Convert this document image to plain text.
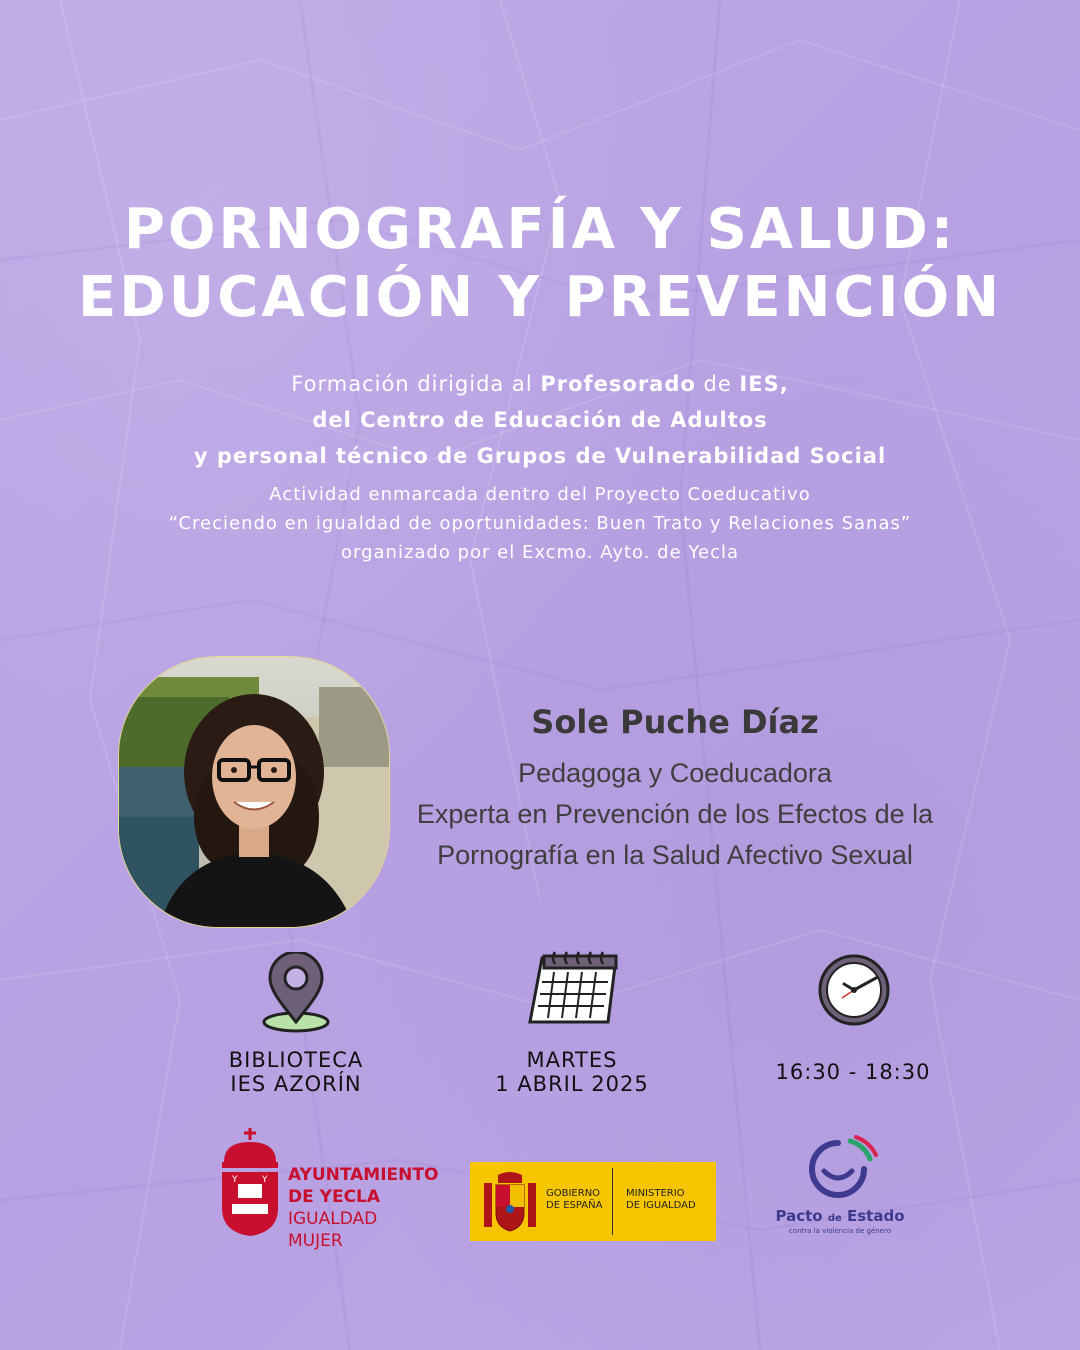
PORNOGRAFÍA Y SALUD:
EDUCACIÓN Y PREVENCIÓN
Formación dirigida al Profesorado de IES,
del Centro de Educación de Adultos
y personal técnico de Grupos de Vulnerabilidad Social
Actividad enmarcada dentro del Proyecto Coeducativo
“Creciendo en igualdad de oportunidades: Buen Trato y Relaciones Sanas”
organizado por el Excmo. Ayto. de Yecla
Sole Puche Díaz
Pedagoga y Coeducadora
Experta en Prevención de los Efectos de la
Pornografía en la Salud Afectivo Sexual
BIBLIOTECA
IES AZORÍN
MARTES
1 ABRIL 2025	16:30 - 18:30
Y	Y AYUNTAMIENTO
DE YECLA
IGUALDAD
MUJER
GOBIERNO
DE ESPAÑA
MINISTERIO
DE IGUALDAD
Pacto de Estado
contra la violencia de género
